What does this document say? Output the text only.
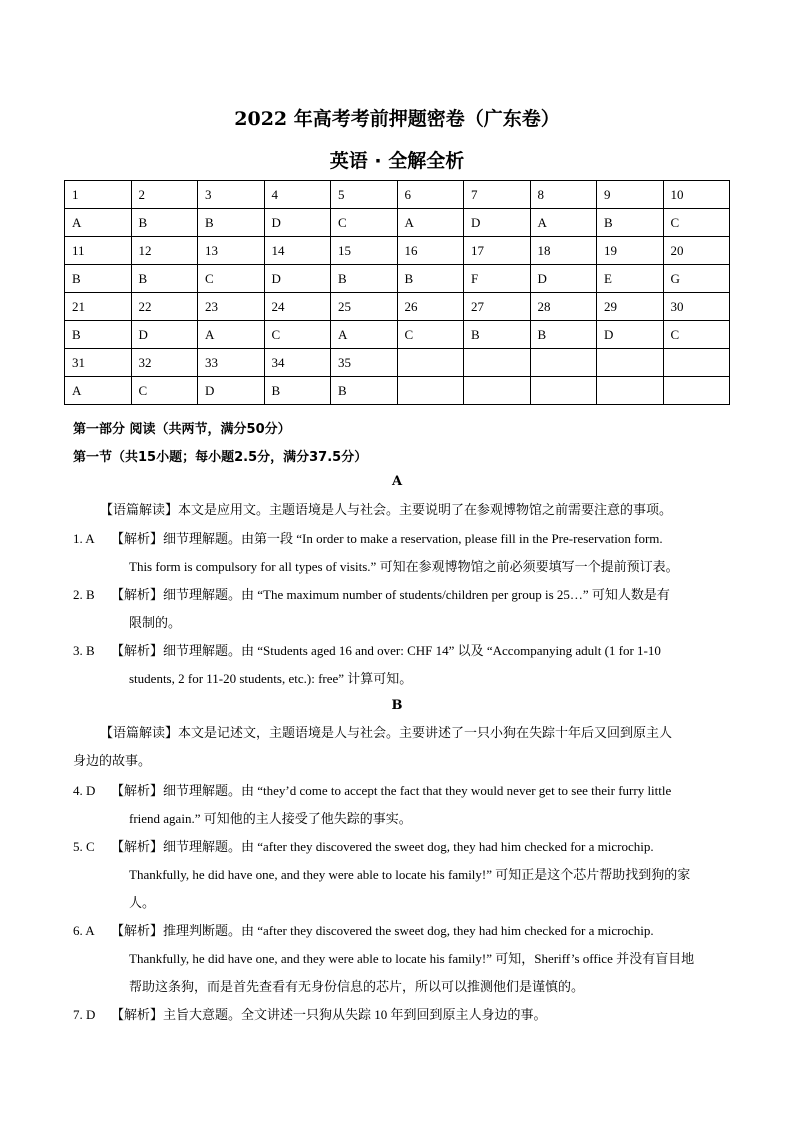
2022 年高考考前押题密卷（广东卷）
英语 · 全解全析
1	2	3	4	5	6	7	8	9	10
A	B	B	D	C	A	D	A	B	C
11	12	13	14	15	16	17	18	19	20
B	B	C	D	B	B	F	D	E	G
21	22	23	24	25	26	27	28	29	30
B	D	A	C	A	C	B	B	D	C
31	32	33	34	35					
A	C	D	B	B					
第一部分 阅读（共两节，满分50分）
第一节（共15小题；每小题2.5分，满分37.5分）
A
【语篇解读】本文是应用文。主题语境是人与社会。主要说明了在参观博物馆之前需要注意的事项。
1. A 【解析】细节理解题。由第一段 “In order to make a reservation, please fill in the Pre-reservation form.
This form is compulsory for all types of visits.” 可知在参观博物馆之前必须要填写一个提前预订表。
2. B 【解析】细节理解题。由 “The maximum number of students/children per group is 25…” 可知人数是有
限制的。
3. B 【解析】细节理解题。由 “Students aged 16 and over: CHF 14” 以及 “Accompanying adult (1 for 1-10
students, 2 for 11-20 students, etc.): free” 计算可知。
B
【语篇解读】本文是记述文，主题语境是人与社会。主要讲述了一只小狗在失踪十年后又回到原主人
身边的故事。
4. D 【解析】细节理解题。由 “they’d come to accept the fact that they would never get to see their furry little
friend again.” 可知他的主人接受了他失踪的事实。
5. C 【解析】细节理解题。由 “after they discovered the sweet dog, they had him checked for a microchip.
Thankfully, he did have one, and they were able to locate his family!” 可知正是这个芯片帮助找到狗的家
人。
6. A 【解析】推理判断题。由 “after they discovered the sweet dog, they had him checked for a microchip.
Thankfully, he did have one, and they were able to locate his family!” 可知，Sheriff’s office 并没有盲目地
帮助这条狗，而是首先查看有无身份信息的芯片，所以可以推测他们是谨慎的。
7. D 【解析】主旨大意题。全文讲述一只狗从失踪 10 年到回到原主人身边的事。
